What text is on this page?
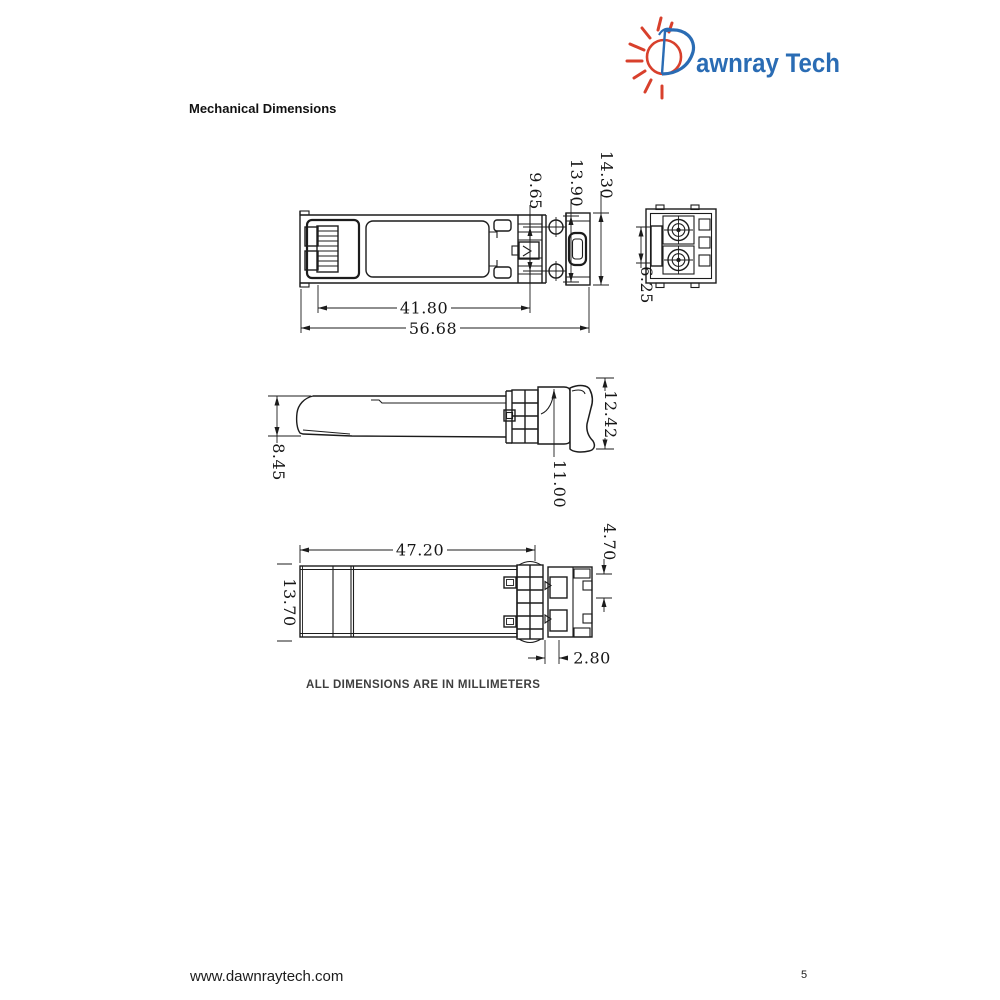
Mechanical Dimensions
awnray Tech
9.65 13.90 14.30
41.80
56.68
6.25
8.45
12.42
11.00
47.20
13.70
4.70
2.80
ALL DIMENSIONS ARE IN MILLIMETERS
www.dawnraytech.com	5
